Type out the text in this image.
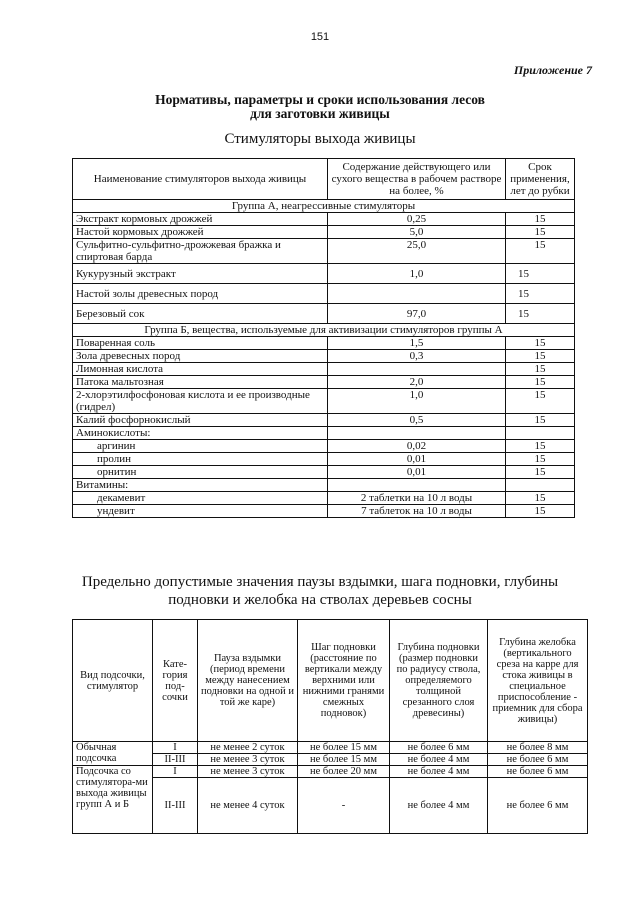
151
Приложение 7
Нормативы, параметры и сроки использования лесов
для заготовки живицы
Стимуляторы выхода живицы
Наименование стимуляторов выхода живицы	Содержание действующего или сухого вещества в рабочем растворе на более, %	Срок применения, лет до рубки
Группа А, неагрессивные стимуляторы		
Экстракт кормовых дрожжей	0,25	15
Настой кормовых дрожжей	5,0	15
Сульфитно-сульфитно-дрожжевая бражка и спиртовая барда	25,0	15
Кукурузный экстракт	1,0	15
Настой золы древесных пород		15
Березовый сок	97,0	15
Группа Б, вещества, используемые для активизации стимуляторов группы А		
Поваренная соль	1,5	15
Зола древесных пород	0,3	15
Лимонная кислота		15
Патока мальтозная	2,0	15
2-хлорэтилфосфоновая кислота и ее производные (гидрел)	1,0	15
Калий фосфорнокислый	0,5	15
Аминокислоты:		
аргинин	0,02	15
пролин	0,01	15
орнитин	0,01	15
Витамины:		
декамевит	2 таблетки на 10 л воды	15
ундевит	7 таблеток на 10 л воды	15
Предельно допустимые значения паузы вздымки, шага подновки, глубины
подновки и желобка на стволах деревьев сосны
Вид подсочки, стимулятор	Кате-гория под-сочки	Пауза вздымки (период времени между нанесением подновки на одной и той же каре)	Шаг подновки (расстояние по вертикали между верхними или нижними гранями смежных подновок)	Глубина подновки (размер подновки по радиусу ствола, определяемого толщиной срезанного слоя древесины)	Глубина желобка (вертикального среза на карре для стока живицы в специальное приспособление - приемник для сбора живицы)
Обычная подсочка	I	не менее 2 суток	не более 15 мм	не более 6 мм	не более 8 мм
	II-III	не менее 3 суток	не более 15 мм	не более 4 мм	не более 6 мм
Подсочка со стимулятора-ми выхода живицы групп А и Б	I	не менее 3 суток	не более 20 мм	не более 4 мм	не более 6 мм
	II-III	не менее 4 суток	-	не более 4 мм	не более 6 мм
